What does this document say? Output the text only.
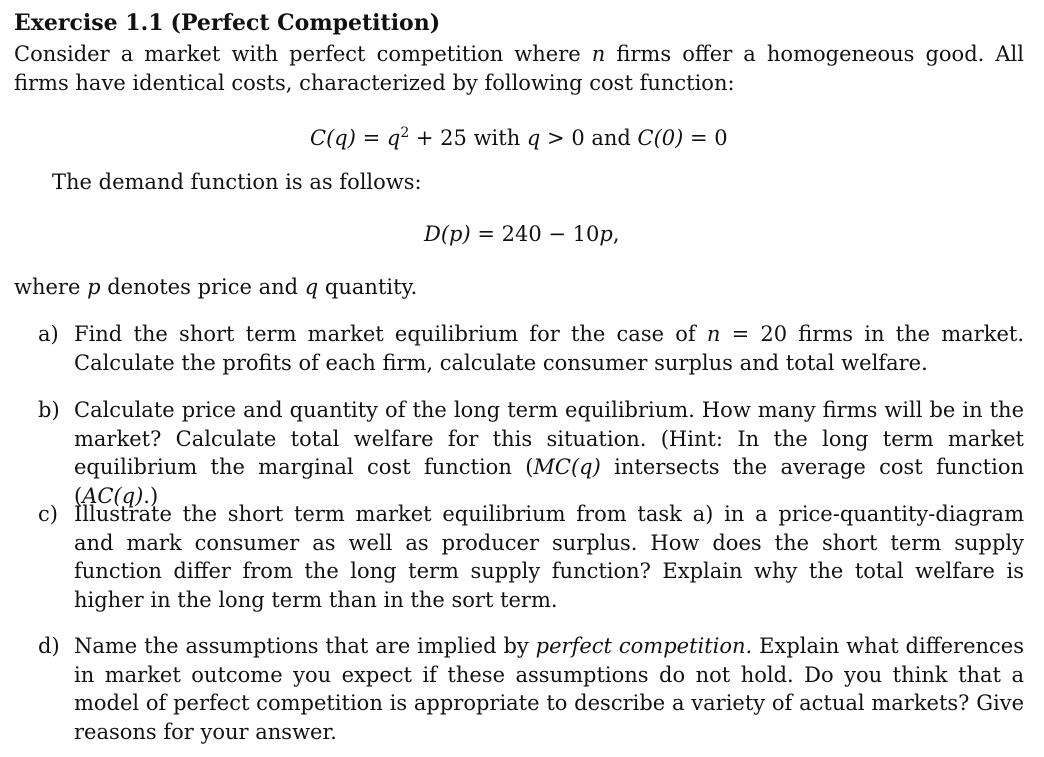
Exercise 1.1 (Perfect Competition)
Consider a market with perfect competition where n firms offer a homogeneous good. All firms have identical costs, characterized by following cost function:
$C(q) = q^2 + 25$ with q > 0 and C(0) = 0
The demand function is as follows:
D(p) = 240 − 10p,
where p denotes price and q quantity.
a) Find the short term market equilibrium for the case of n = 20 firms in the market. Calculate the profits of each firm, calculate consumer surplus and total welfare.
b) Calculate price and quantity of the long term equilibrium. How many firms will be in the market? Calculate total welfare for this situation. (Hint: In the long term market equilibrium the marginal cost function (MC(q) intersects the average cost function (AC(q).)
c) Illustrate the short term market equilibrium from task a) in a price-quantity-diagram and mark consumer as well as producer surplus. How does the short term supply function differ from the long term supply function? Explain why the total welfare is higher in the long term than in the sort term.
d) Name the assumptions that are implied by perfect competition. Explain what differences in market outcome you expect if these assumptions do not hold. Do you think that a model of perfect competition is appropriate to describe a variety of actual markets? Give reasons for your answer.
